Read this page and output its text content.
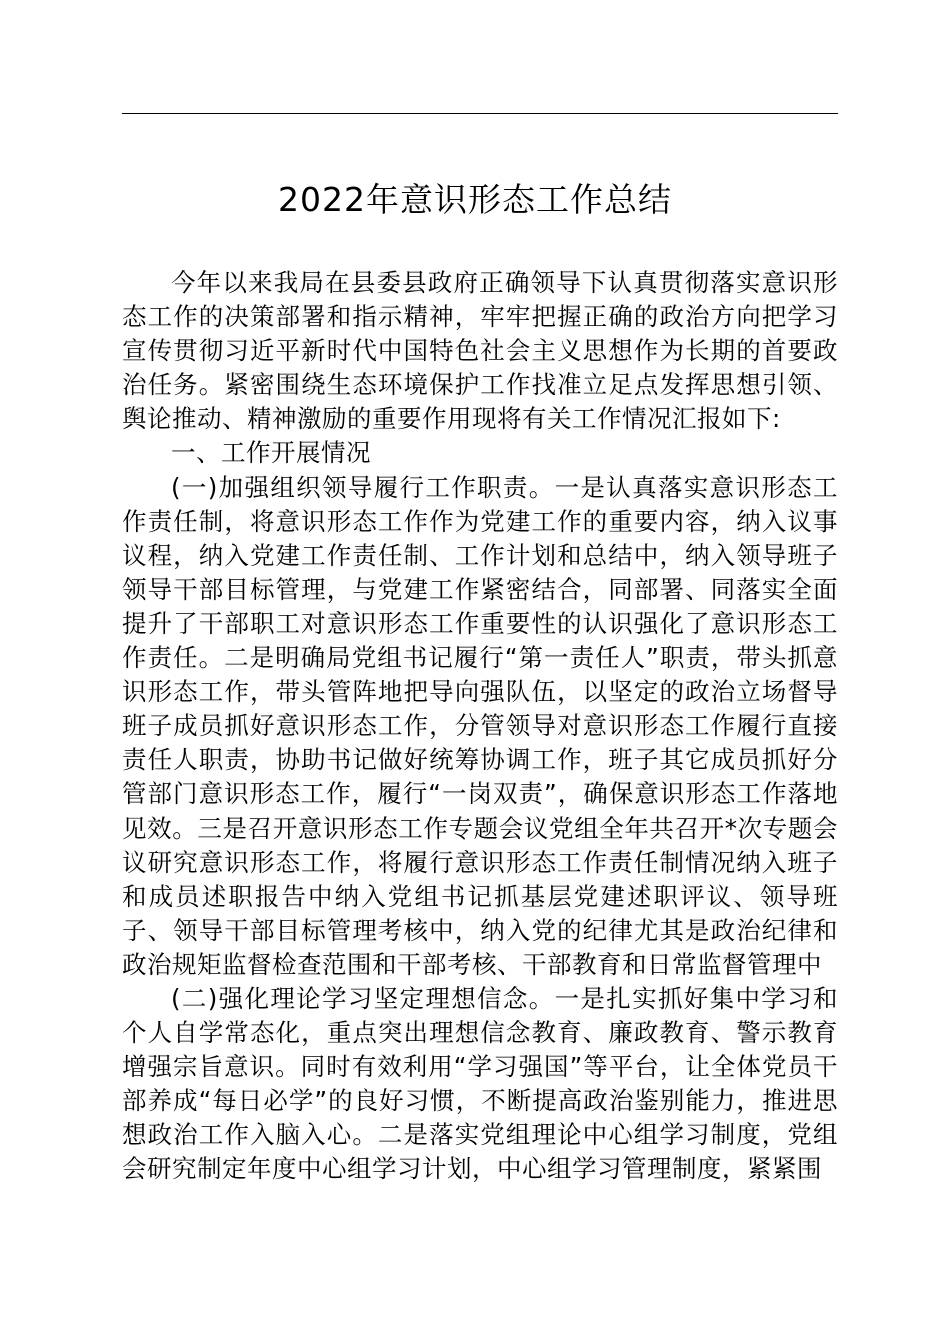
2022年意识形态工作总结

今年以来我局在县委县政府正确领导下认真贯彻落实意识形态工作的决策部署和指示精神，牢牢把握正确的政治方向把学习宣传贯彻习近平新时代中国特色社会主义思想作为长期的首要政治任务。紧密围绕生态环境保护工作找准立足点发挥思想引领、舆论推动、精神激励的重要作用现将有关工作情况汇报如下:

一、工作开展情况

(一)加强组织领导履行工作职责。一是认真落实意识形态工作责任制，将意识形态工作作为党建工作的重要内容，纳入议事议程，纳入党建工作责任制、工作计划和总结中，纳入领导班子领导干部目标管理，与党建工作紧密结合，同部署、同落实全面提升了干部职工对意识形态工作重要性的认识强化了意识形态工作责任。二是明确局党组书记履行“第一责任人”职责，带头抓意识形态工作，带头管阵地把导向强队伍，以坚定的政治立场督导班子成员抓好意识形态工作，分管领导对意识形态工作履行直接责任人职责，协助书记做好统筹协调工作，班子其它成员抓好分管部门意识形态工作，履行“一岗双责”，确保意识形态工作落地见效。三是召开意识形态工作专题会议党组全年共召开*次专题会议研究意识形态工作，将履行意识形态工作责任制情况纳入班子和成员述职报告中纳入党组书记抓基层党建述职评议、领导班子、领导干部目标管理考核中，纳入党的纪律尤其是政治纪律和政治规矩监督检查范围和干部考核、干部教育和日常监督管理中

(二)强化理论学习坚定理想信念。一是扎实抓好集中学习和个人自学常态化，重点突出理想信念教育、廉政教育、警示教育增强宗旨意识。同时有效利用“学习强国”等平台，让全体党员干部养成“每日必学”的良好习惯，不断提高政治鉴别能力，推进思想政治工作入脑入心。二是落实党组理论中心组学习制度，党组会研究制定年度中心组学习计划，中心组学习管理制度，紧紧围
